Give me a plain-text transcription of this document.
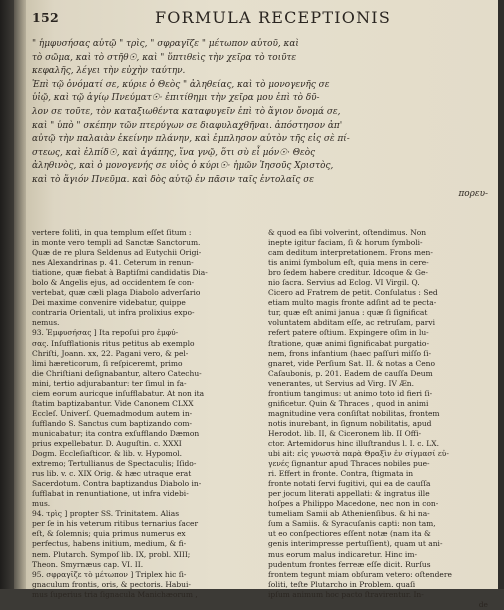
152	FORMULA RECEPTIONIS
" ἡμφυσήσας αὐτῷ " τρὶς, " σφραγῖζε " μέτωπον αὐτοῦ, καὶ
τὸ σῶμα, καὶ τὸ στῆθ☉, καὶ " ὕπτιθεὶς τὴν χεῖρα τὸ τοιῦτε
κεφαλῆς, λέγει τὴν εὐχὴν ταύτην.
Ἐπὶ τῷ ὀνόματί σε, κύριε ὁ Θεὸς " ἀληθείας, καὶ τὸ μονογενῆς σε
ὑἱῷ, καὶ τῷ ἁγίῳ Πνεύματ☉· ἐπιτίθημι τὴν χεῖρα μου ἐπὶ τὸ δῦ-
λον σε τοῦτε, τὸν καταξιωθέντα καταφυγεῖν ἐπὶ τὸ ἅγιον ὄνομά σε,
καὶ " ὑπὸ " σκέπην τῶν πτερύγων σε διαφυλαχθῆναι. ἀπόστησον ἀπ'
αὐτῷ τὴν παλαιὰν ἐκείνην πλάνην, καὶ ἐμπλησον αὐτὸν τῆς εἰς σὲ πί-
στεως, καὶ ἐλπίδ☉, καὶ ἀγάπης, ἵνα γνῷ, ὅτι σὺ εἶ μόν☉· Θεὸς
ἀληθινὸς, καὶ ὁ μονογενής σε υἱὸς ὁ κύρι☉· ἡμῶν Ἰησοῦς Χριστὸς,
καὶ τὸ ἅγιόν Πνεῦμα. καὶ δὸς αὐτῷ ἐν πᾶσιν ταῖς ἐντολαῖς σε
πορευ-
vertere folitì, in qua templum eſſet ſitum :
in monte vero templi ad Sanctæ Sanctorum.
Quæ de re plura Seldenus ad Eutychii Origi-
nes Alexandrinas p. 41. Ceterum in renun-
tiatione, quæ fiebat à Baptiſmi candidatis Dia-
bolo & Angelis ejus, ad occidentem ſe con-
vertebat, quæ cæli plaga Diabolo adverſario
Dei maxime convenire videbatur, quippe
contraria Orientali, ut infra prolixius expo-
nemus.
93. Ἐμφυσήσας ] Ita repoſui pro ἐμφύ-
σας. Inſufflationis ritus petitus ab exemplo
Chriſti, Joann. xx, 22. Pagani vero, & pel-
limi hæreticorum, ſi reſpiceremt, primo
die Chriſtiani deſignabantur, altero Catechu-
mini, tertio adjurabantur: ter ſimul in fa-
ciem eorum auricque inſufflabatur. At non ita
ſtatim baptizabantur. Vide Canonem CLXX
Eccleſ. Univerſ. Quemadmodum autem in-
ſufflando S. Sanctus cum baptizando com-
municabatur; ita contra exſufflando Dæmon
prius expellebatur. D. Auguſtin. c. XXXI
Dogm. Eccleſiaſticor. & lib. v. Hypomol.
extremo; Tertullianus de Spectaculis; Iſido-
rus lib. v. c. XIX Orig. & hæc utraque erat
Sacerdotum. Contra baptizandus Diabolo in-
ſufflabat in renuntiatione, ut infra videbi-
mus.
94. τρὶς ] propter SS. Trinitatem. Alias
per ſe in his veterum ritibus ternarius ſacer
eſt, & ſolemnis; quia primus numerus ex
perfectus, habens initium, medium, & fi-
nem. Plutarch. Sympoſ lib. IX, probl. XIII;
Theon. Smyrnæus cap. VI. II.
95. σφραγῖζε τὸ μέτωπον ] Triplex hic ſi-
gnaculum frontis, oris, & pectoris. Habui-
mus ſuperius tria ſignacula Manichæorum ,
& quod ea ſibi volverint, oſtendimus. Non
inepte igitur faciam, ſi & horum ſymboli-
cam deditum interpretationem. Frons men-
tis animi ſymbolum eſt, quia mens in cere-
bro ſedem habere creditur. Idcoque & Ge-
nio ſacra. Servius ad Eclog. VI Virgil. Q.
Cicero ad Fratrem de petit. Conſulatus : Sed
etiam multo magis fronte adſint ad te pecta-
tur, quæ eſt animi janua : quæ ſi ſignificat
voluntatem abditam eſſe, ac retruſam, parvi
refert patere oſtium. Expingere oſim in lu-
ſtratione, quæ animi ſignificabat purgatio-
nem, frons infantium (haec paſſuri miſſo ſi-
gnaret, vide Perſium Sat. II. & notas a Ceno
Caſaubonis, p. 201. Eadem de cauſſa Deum
venerantes, ut Servius ad Virg. IV Æn.
frontium tangimus: ut animo toto id fieri ſi-
gnificetur. Quin & Thraces , quod in animi
magnitudine vera conſiſtat nobilitas, frontem
notis inurebant, in ſignum nobilitatis, apud
Herodot. lib. II, & Ciceronem lib. II Offi-
ctor. Artemidorus hinc illuſtrandus l. I. c. LX.
ubi ait: εἰς γνωστὰ παρὰ Θραξὶν ἐν σίγμασί εὐ-
γενές ſignantur apud Thraces nobiles pue-
ri. Effert in fronte. Contra, ſtigmata in
fronte notati ſervi fugitivi, qui ea de cauſſa
per jocum literati appellati: & ingratus ille
hoſpes a Philippo Macedone, nec non in con-
tumeliam Samii ab Athenienſibus. & hi na-
ſum a Samiis. & Syracuſanis capti: non tam,
ut eo conſpectiores eſſent notæ (nam ita &
genis interimpresse pertuſſient), quam ut ani-
mus eorum malus indicaretur. Hinc im-
pudentum frontes ferreæ eſſe dicit. Rurſus
frontem tegunt miam obſuram vetero: oſtendere
ſoliti, teſte Plutarcho in Problem. quaſi
ipſum animum hoc pacto ſtravirentur. In-
de
